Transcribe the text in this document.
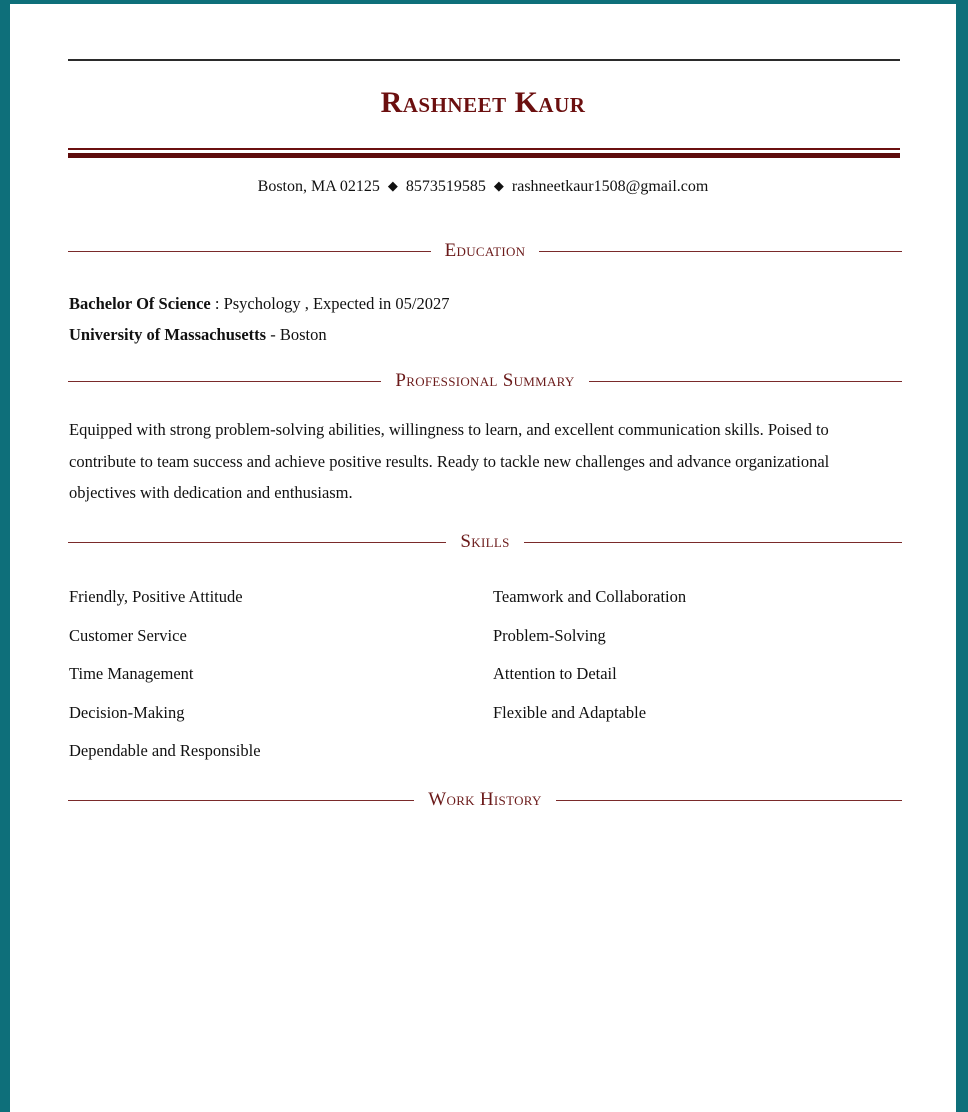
Rashneet Kaur
Boston, MA 02125 ◆ 8573519585 ◆ rashneetkaur1508@gmail.com
Education
Bachelor Of Science : Psychology , Expected in 05/2027
University of Massachusetts - Boston
Professional Summary
Equipped with strong problem-solving abilities, willingness to learn, and excellent communication skills. Poised to contribute to team success and achieve positive results. Ready to tackle new challenges and advance organizational objectives with dedication and enthusiasm.
Skills
Friendly, Positive Attitude
Customer Service
Time Management
Decision-Making
Dependable and Responsible
Teamwork and Collaboration
Problem-Solving
Attention to Detail
Flexible and Adaptable
Work History
